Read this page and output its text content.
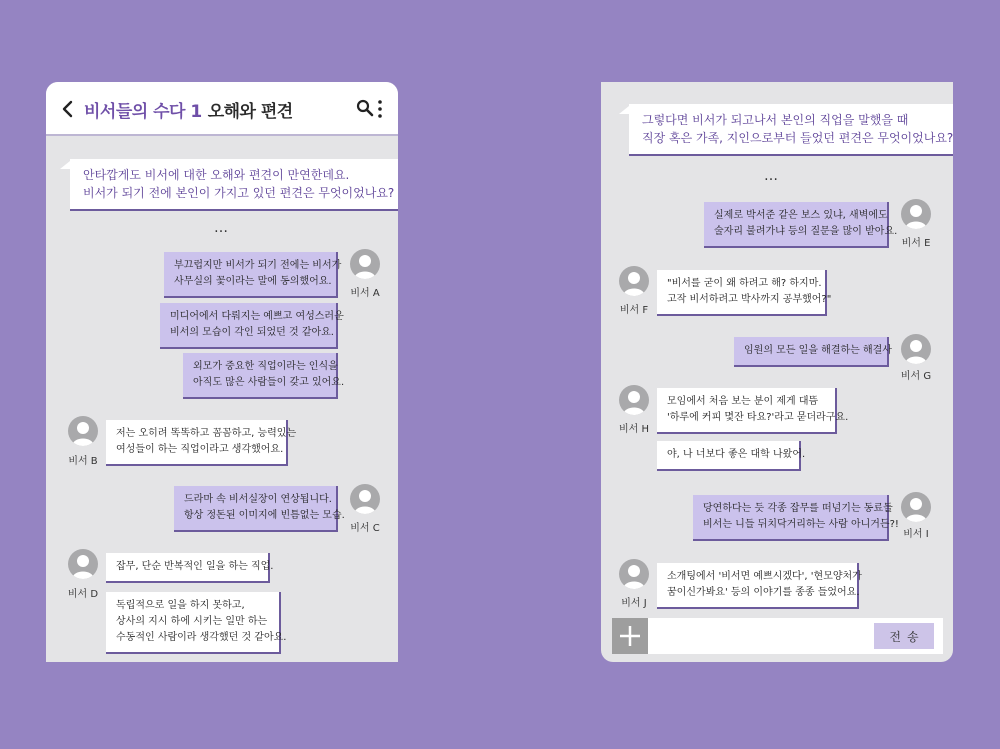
비서들의 수다 1 오해와 편견
안타깝게도 비서에 대한 오해와 편견이 만연한데요.
비서가 되기 전에 본인이 가지고 있던 편견은 무엇이었나요?
…
부끄럽지만 비서가 되기 전에는 비서가
사무실의 꽃이라는 말에 동의했어요.
미디어에서 다뤄지는 예쁘고 여성스러운
비서의 모습이 각인 되었던 것 같아요.
외모가 중요한 직업이라는 인식을
아직도 많은 사람들이 갖고 있어요.
비서 A
비서 B
저는 오히려 똑똑하고 꼼꼼하고, 능력있는
여성들이 하는 직업이라고 생각했어요.
드라마 속 비서실장이 연상됩니다.
항상 정돈된 이미지에 빈틈없는 모습.
비서 C
비서 D
잡무, 단순 반복적인 일을 하는 직업.
독립적으로 일을 하지 못하고,
상사의 지시 하에 시키는 일만 하는
수동적인 사람이라 생각했던 것 같아요.
그렇다면 비서가 되고나서 본인의 직업을 말했을 때
직장 혹은 가족, 지인으로부터 들었던 편견은 무엇이었나요?
…
실제로 박서준 같은 보스 있냐, 새벽에도
술자리 불려가냐 등의 질문을 많이 받아요.
비서 E
비서 F
"비서를 굳이 왜 하려고 해? 하지마.
고작 비서하려고 박사까지 공부했어?"
임원의 모든 일을 해결하는 해결사
비서 G
비서 H
모임에서 처음 보는 분이 제게 대뜸
'하루에 커피 몇잔 타요?'라고 묻더라구요.
야, 나 너보다 좋은 대학 나왔어.
당연하다는 듯 각종 잡무를 떠넘기는 동료들
비서는 니들 뒤치닥거리하는 사람 아니거든?!
비서 I
비서 J
소개팅에서 '비서면 예쁘시겠다', '현모양처가
꿈이신가봐요' 등의 이야기를 종종 들었어요.
전송
